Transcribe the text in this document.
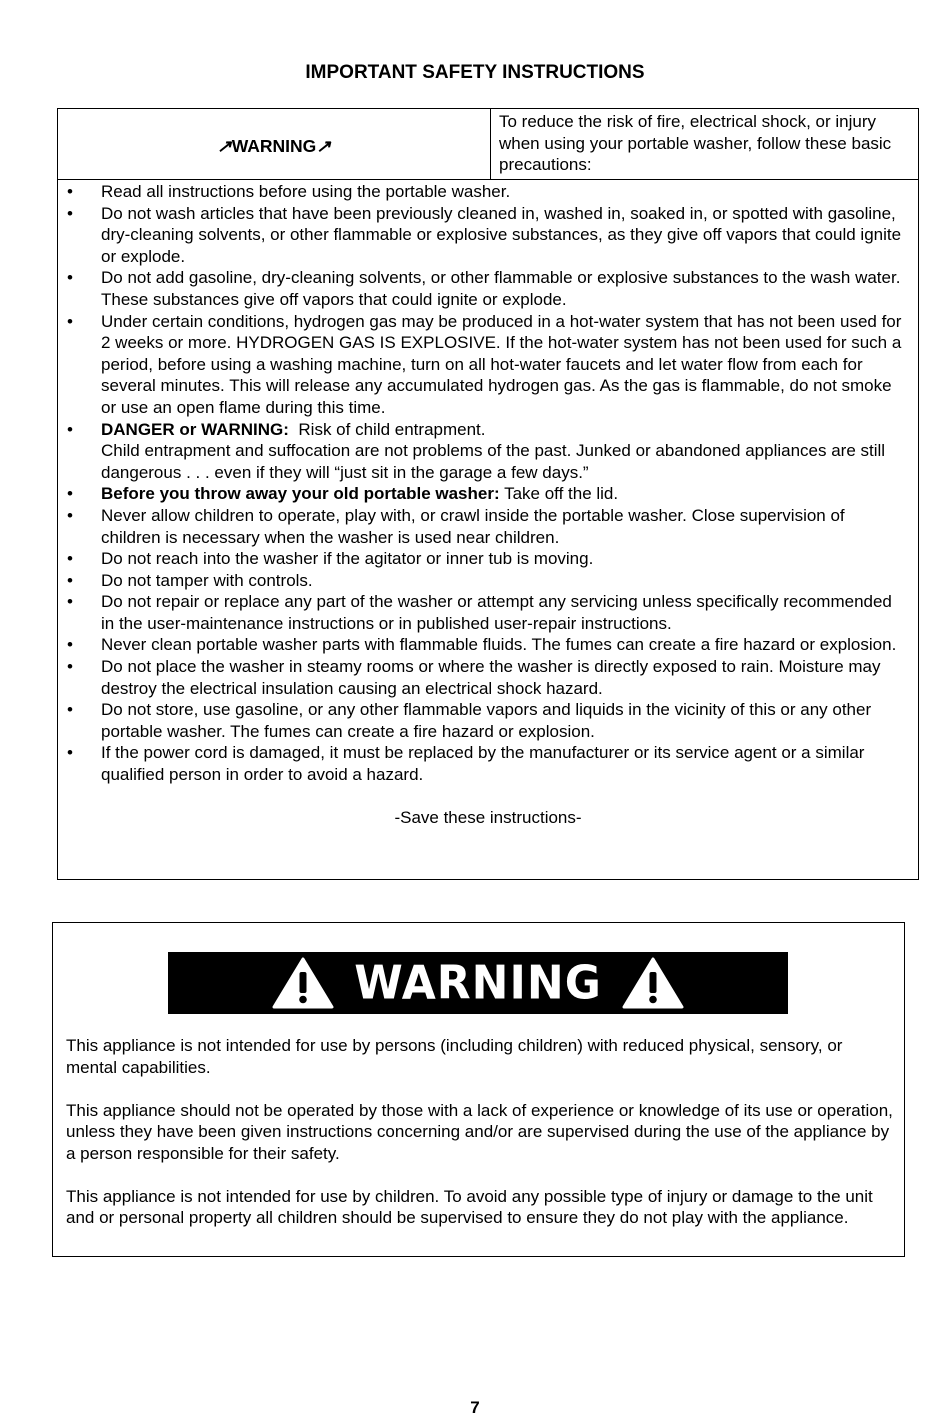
IMPORTANT SAFETY INSTRUCTIONS
↗︎ WARNING ↗︎
To reduce the risk of fire, electrical shock, or injury when using your portable washer, follow these basic precautions:
• Read all instructions before using the portable washer.
• Do not wash articles that have been previously cleaned in, washed in, soaked in, or spotted with gasoline, dry-cleaning solvents, or other flammable or explosive substances, as they give off vapors that could ignite or explode.
• Do not add gasoline, dry-cleaning solvents, or other flammable or explosive substances to the wash water. These substances give off vapors that could ignite or explode.
• Under certain conditions, hydrogen gas may be produced in a hot-water system that has not been used for 2 weeks or more. HYDROGEN GAS IS EXPLOSIVE. If the hot-water system has not been used for such a period, before using a washing machine, turn on all hot-water faucets and let water flow from each for several minutes. This will release any accumulated hydrogen gas. As the gas is flammable, do not smoke or use an open flame during this time.
• DANGER or WARNING: Risk of child entrapment.
Child entrapment and suffocation are not problems of the past. Junked or abandoned appliances are still dangerous . . . even if they will “just sit in the garage a few days.”
• Before you throw away your old portable washer: Take off the lid.
• Never allow children to operate, play with, or crawl inside the portable washer. Close supervision of children is necessary when the washer is used near children.
• Do not reach into the washer if the agitator or inner tub is moving.
• Do not tamper with controls.
• Do not repair or replace any part of the washer or attempt any servicing unless specifically recommended in the user-maintenance instructions or in published user-repair instructions.
• Never clean portable washer parts with flammable fluids. The fumes can create a fire hazard or explosion.
• Do not place the washer in steamy rooms or where the washer is directly exposed to rain. Moisture may destroy the electrical insulation causing an electrical shock hazard.
• Do not store, use gasoline, or any other flammable vapors and liquids in the vicinity of this or any other portable washer. The fumes can create a fire hazard or explosion.
• If the power cord is damaged, it must be replaced by the manufacturer or its service agent or a similar qualified person in order to avoid a hazard.
-Save these instructions-
WARNING

This appliance is not intended for use by persons (including children) with reduced physical, sensory, or mental capabilities.

This appliance should not be operated by those with a lack of experience or knowledge of its use or operation, unless they have been given instructions concerning and/or are supervised during the use of the appliance by a person responsible for their safety.

This appliance is not intended for use by children. To avoid any possible type of injury or damage to the unit and or personal property all children should be supervised to ensure they do not play with the appliance.

7
